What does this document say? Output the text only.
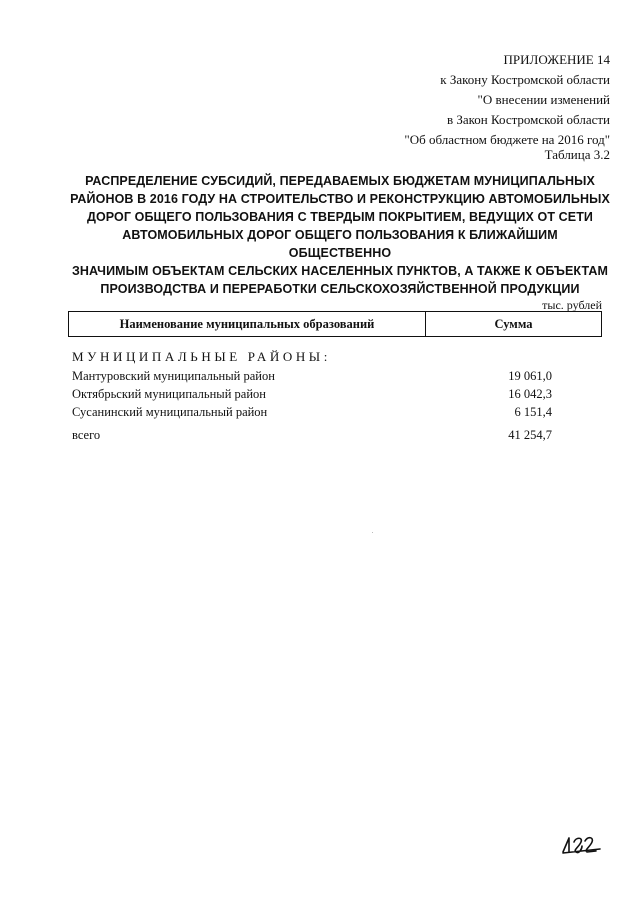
ПРИЛОЖЕНИЕ 14
к Закону Костромской области
"О внесении изменений
в Закон Костромской области
"Об областном бюджете на 2016 год"
Таблица 3.2
РАСПРЕДЕЛЕНИЕ СУБСИДИЙ, ПЕРЕДАВАЕМЫХ БЮДЖЕТАМ МУНИЦИПАЛЬНЫХ
РАЙОНОВ В 2016 ГОДУ НА СТРОИТЕЛЬСТВО И РЕКОНСТРУКЦИЮ АВТОМОБИЛЬНЫХ
ДОРОГ ОБЩЕГО ПОЛЬЗОВАНИЯ С ТВЕРДЫМ ПОКРЫТИЕМ, ВЕДУЩИХ ОТ СЕТИ
АВТОМОБИЛЬНЫХ ДОРОГ ОБЩЕГО ПОЛЬЗОВАНИЯ К БЛИЖАЙШИМ ОБЩЕСТВЕННО
ЗНАЧИМЫМ ОБЪЕКТАМ СЕЛЬСКИХ НАСЕЛЕННЫХ ПУНКТОВ, А ТАКЖЕ К ОБЪЕКТАМ
ПРОИЗВОДСТВА И ПЕРЕРАБОТКИ СЕЛЬСКОХОЗЯЙСТВЕННОЙ ПРОДУКЦИИ
тыс. рублей
Наименование муниципальных образований	Сумма
МУНИЦИПАЛЬНЫЕ РАЙОНЫ:
Мантуровский муниципальный район	19 061,0
Октябрьский муниципальный район	16 042,3
Сусанинский муниципальный район	6 151,4
всего	41 254,7
